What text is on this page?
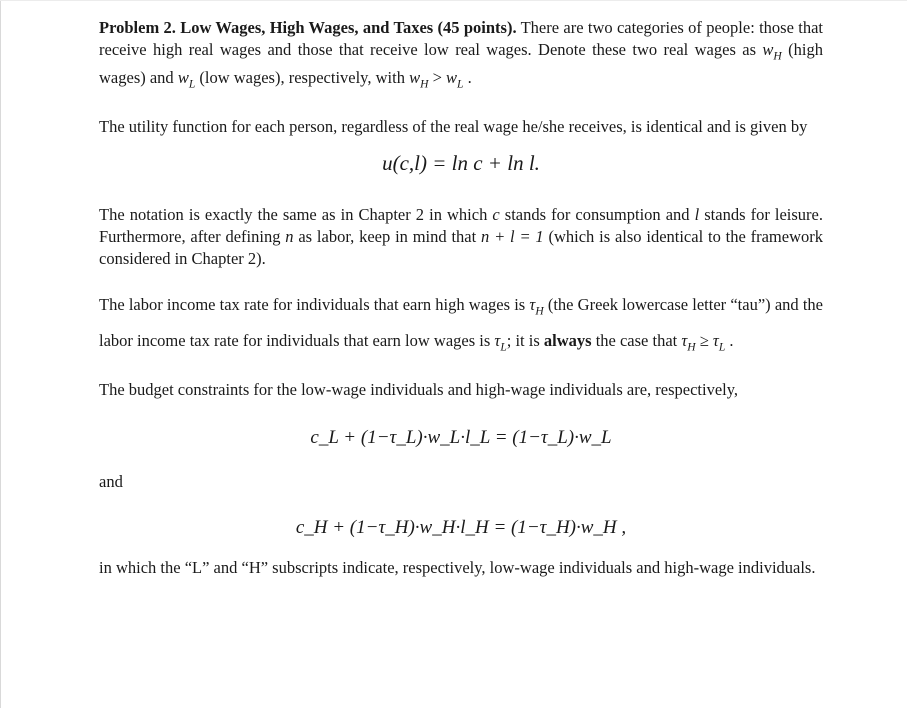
Problem 2. Low Wages, High Wages, and Taxes (45 points). There are two categories of people: those that receive high real wages and those that receive low real wages. Denote these two real wages as $w_H$ (high wages) and $w_L$ (low wages), respectively, with $w_H > w_L$ .

The utility function for each person, regardless of the real wage he/she receives, is identical and is given by

u(c,l) = ln c + ln l.

The notation is exactly the same as in Chapter 2 in which c stands for consumption and l stands for leisure. Furthermore, after defining n as labor, keep in mind that n + l = 1 (which is also identical to the framework considered in Chapter 2).

The labor income tax rate for individuals that earn high wages is $\tau_H$ (the Greek lowercase letter “tau”) and the labor income tax rate for individuals that earn low wages is $\tau_L$; it is always the case that $\tau_H \ge \tau_L$ .

The budget constraints for the low-wage individuals and high-wage individuals are, respectively,

c_L + (1−τ_L)·w_L·l_L = (1−τ_L)·w_L

and

c_H + (1−τ_H)·w_H·l_H = (1−τ_H)·w_H ,

in which the “L” and “H” subscripts indicate, respectively, low-wage individuals and high-wage individuals.
